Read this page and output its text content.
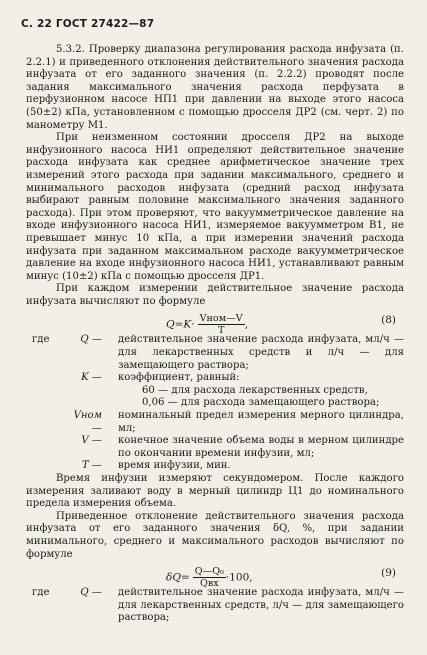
С. 22 ГОСТ 27422—87

5.3.2. Проверку диапазона регулирования расхода инфузата (п. 2.2.1) и приведенного отклонения действительного значения расхода инфузата от его заданного значения (п. 2.2.2) проводят после задания максимального значения расхода перфузата в перфузионном насосе НП1 при давлении на выходе этого насоса (50±2) кПа, установленном с помощью дросселя ДР2 (см. черт. 2) по манометру М1.

При неизменном состоянии дросселя ДР2 на выходе инфузионного насоса НИ1 определяют действительное значение расхода инфузата как среднее арифметическое значение трех измерений этого расхода при задании максимального, среднего и минимального расходов инфузата (средний расход инфузата выбирают равным половине максимального значения заданного расхода). При этом проверяют, что вакуумметрическое давление на входе инфузионного насоса НИ1, измеряемое вакуумметром В1, не превышает минус 10 кПа, а при измерении значений расхода инфузата при заданном максимальном расходе вакуумметрическое давление на входе инфузионного насоса НИ1, устанавливают равным минус (10±2) кПа с помощью дросселя ДР1.

При каждом измерении действительное значение расхода инфузата вычисляют по формуле

$Q=K\cdot \frac{\text{Vном—V}}{T}$ ,	(8)
где	Q —	действительное значение расхода инфузата, мл/ч — для лекарственных средств и л/ч — для замещающего раствора;
K —	коэффициент, равный:
60 — для расхода лекарственных средств,
0,06 — для расхода замещающего раствора;
Vном —
номинальный предел измерения мерного цилиндра, мл;
V —	конечное значение объема воды в мерном цилиндре по окончании времени инфузии, мл;
T —	время инфузии, мин.

Время инфузии измеряют секундомером. После каждого измерения заливают воду в мерный цилиндр Ц1 до номинального предела измерения объема.

Приведенное отклонение действительного значения расхода инфузата от его заданного значения δQ, %, при задании минимального, среднего и максимального расходов вычисляют по формуле

$\delta Q= \frac{\text{Q—Q₀}}{\text{Qвх}} \cdot 100$,	(9)
где	Q —	действительное значение расхода инфузата, мл/ч — для лекарственных средств, л/ч — для замещающего раствора;
